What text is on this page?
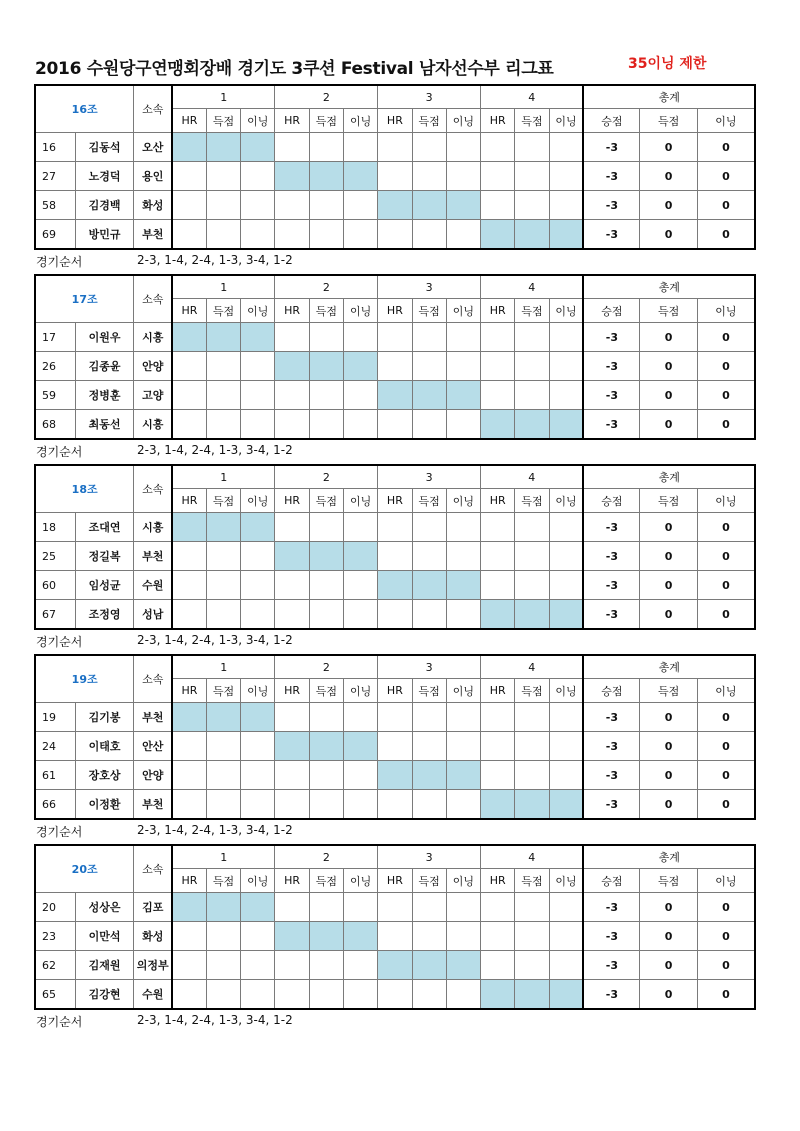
2016 수원당구연맹회장배 경기도 3쿠션 Festival 남자선수부 리그표	35이닝 제한
16조		소속	1			2			3			4			총계		
			HR	득점	이닝	HR	득점	이닝	HR	득점	이닝	HR	득점	이닝	승점	득점	이닝
16	김동석	오산													-3	0	0
27	노경덕	용인													-3	0	0
58	김경백	화성													-3	0	0
69	방민규	부천													-3	0	0
경기순서	2-3, 1-4, 2-4, 1-3, 3-4, 1-2
17조		소속	1			2			3			4			총계		
			HR	득점	이닝	HR	득점	이닝	HR	득점	이닝	HR	득점	이닝	승점	득점	이닝
17	이원우	시흥													-3	0	0
26	김종윤	안양													-3	0	0
59	정병훈	고양													-3	0	0
68	최동선	시흥													-3	0	0
경기순서	2-3, 1-4, 2-4, 1-3, 3-4, 1-2
18조		소속	1			2			3			4			총계		
			HR	득점	이닝	HR	득점	이닝	HR	득점	이닝	HR	득점	이닝	승점	득점	이닝
18	조대연	시흥													-3	0	0
25	정길복	부천													-3	0	0
60	임성균	수원													-3	0	0
67	조정영	성남													-3	0	0
경기순서	2-3, 1-4, 2-4, 1-3, 3-4, 1-2
19조		소속	1			2			3			4			총계		
			HR	득점	이닝	HR	득점	이닝	HR	득점	이닝	HR	득점	이닝	승점	득점	이닝
19	김기봉	부천													-3	0	0
24	이태호	안산													-3	0	0
61	장호상	안양													-3	0	0
66	이정환	부천													-3	0	0
경기순서	2-3, 1-4, 2-4, 1-3, 3-4, 1-2
20조		소속	1			2			3			4			총계		
			HR	득점	이닝	HR	득점	이닝	HR	득점	이닝	HR	득점	이닝	승점	득점	이닝
20	성상은	김포													-3	0	0
23	이만석	화성													-3	0	0
62	김재원	의정부													-3	0	0
65	김강현	수원													-3	0	0
경기순서	2-3, 1-4, 2-4, 1-3, 3-4, 1-2
